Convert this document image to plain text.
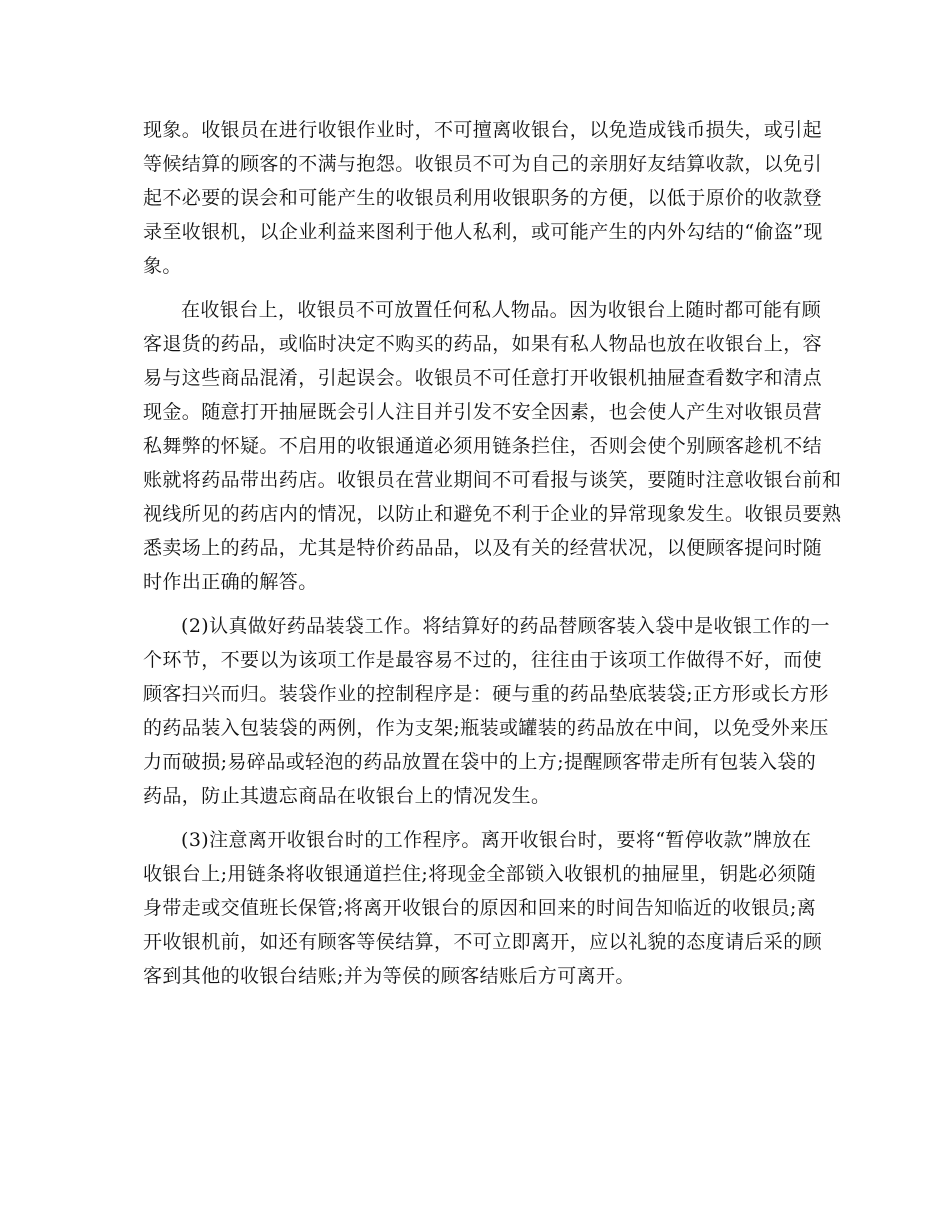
现象。收银员在进行收银作业时，不可擅离收银台，以免造成钱币损失，或引起
等候结算的顾客的不满与抱怨。收银员不可为自己的亲朋好友结算收款，以免引
起不必要的误会和可能产生的收银员利用收银职务的方便，以低于原价的收款登
录至收银机，以企业利益来图利于他人私利，或可能产生的内外勾结的“偷盗”现
象。
在收银台上，收银员不可放置任何私人物品。因为收银台上随时都可能有顾
客退货的药品，或临时决定不购买的药品，如果有私人物品也放在收银台上，容
易与这些商品混淆，引起误会。收银员不可任意打开收银机抽屉查看数字和清点
现金。随意打开抽屉既会引人注目并引发不安全因素，也会使人产生对收银员营
私舞弊的怀疑。不启用的收银通道必须用链条拦住，否则会使个别顾客趁机不结
账就将药品带出药店。收银员在营业期间不可看报与谈笑，要随时注意收银台前和
视线所见的药店内的情况，以防止和避免不利于企业的异常现象发生。收银员要熟
悉卖场上的药品，尤其是特价药品品，以及有关的经营状况，以便顾客提问时随
时作出正确的解答。
(2)认真做好药品装袋工作。将结算好的药品替顾客装入袋中是收银工作的一
个环节，不要以为该项工作是最容易不过的，往往由于该项工作做得不好，而使
顾客扫兴而归。装袋作业的控制程序是：硬与重的药品垫底装袋;正方形或长方形
的药品装入包装袋的两例，作为支架;瓶装或罐装的药品放在中间，以免受外来压
力而破损;易碎品或轻泡的药品放置在袋中的上方;提醒顾客带走所有包装入袋的
药品，防止其遗忘商品在收银台上的情况发生。
(3)注意离开收银台时的工作程序。离开收银台时，要将“暂停收款”牌放在
收银台上;用链条将收银通道拦住;将现金全部锁入收银机的抽屉里，钥匙必须随
身带走或交值班长保管;将离开收银台的原因和回来的时间告知临近的收银员;离
开收银机前，如还有顾客等侯结算，不可立即离开，应以礼貌的态度请后采的顾
客到其他的收银台结账;并为等侯的顾客结账后方可离开。
